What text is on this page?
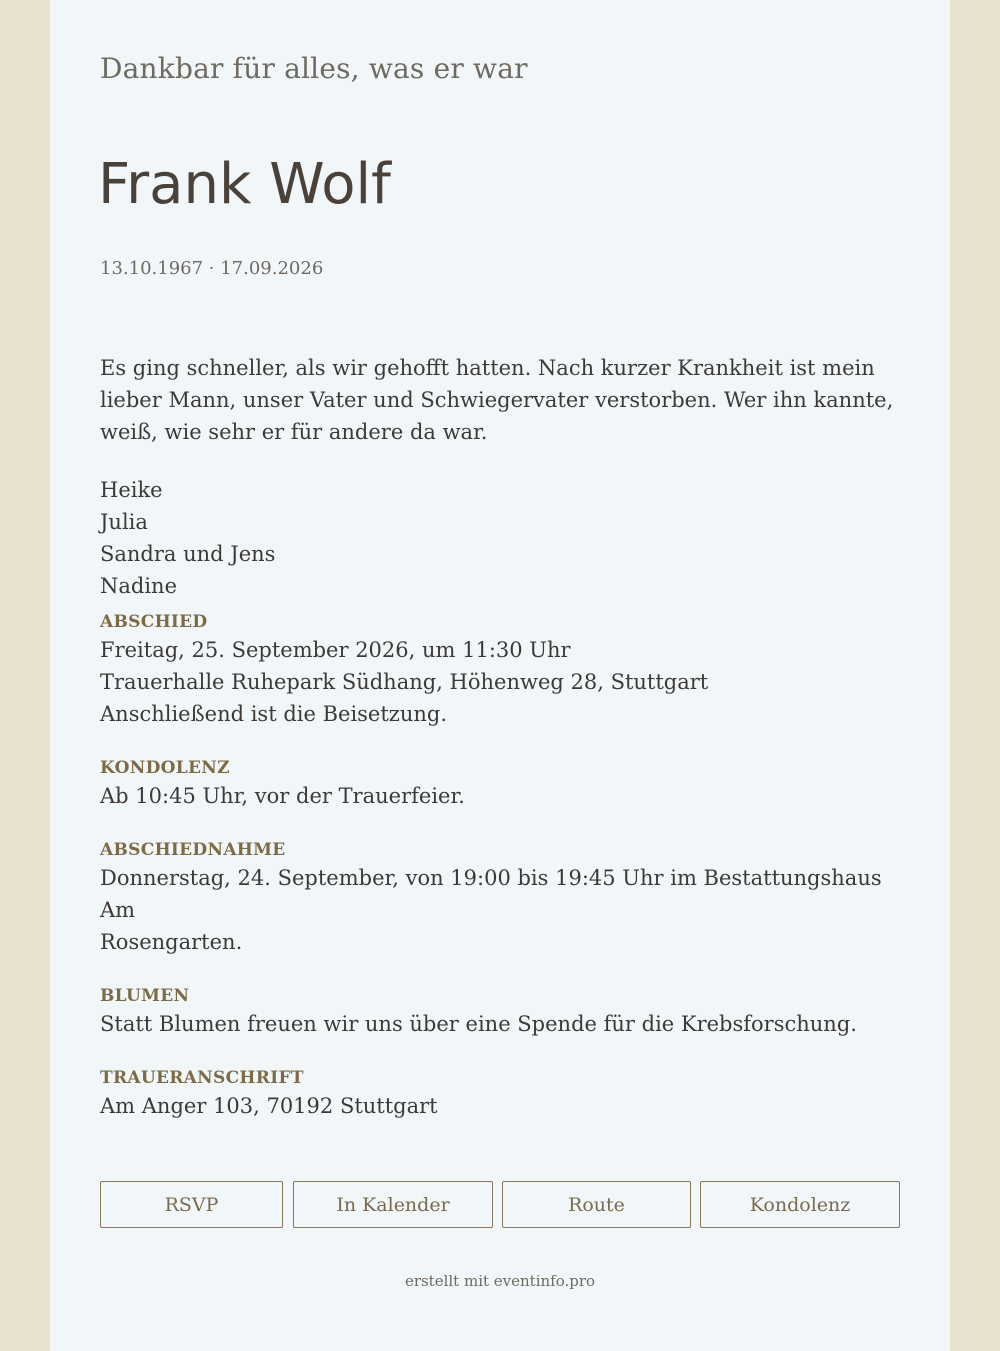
Dankbar für alles, was er war
Frank Wolf
13.10.1967 · 17.09.2026

Es ging schneller, als wir gehofft hatten. Nach kurzer Krankheit ist mein lieber Mann, unser Vater und Schwiegervater verstorben. Wer ihn kannte, weiß, wie sehr er für andere da war.

Heike
Julia
Sandra und Jens
Nadine
ABSCHIED
Freitag, 25. September 2026, um 11:30 Uhr
Trauerhalle Ruhepark Südhang, Höhenweg 28, Stuttgart
Anschließend ist die Beisetzung.
KONDOLENZ
Ab 10:45 Uhr, vor der Trauerfeier.
ABSCHIEDNAHME
Donnerstag, 24. September, von 19:00 bis 19:45 Uhr im Bestattungshaus Am
Rosengarten.
BLUMEN
Statt Blumen freuen wir uns über eine Spende für die Krebsforschung.
TRAUERANSCHRIFT
Am Anger 103, 70192 Stuttgart
RSVP	In Kalender	Route	Kondolenz
erstellt mit eventinfo.pro
